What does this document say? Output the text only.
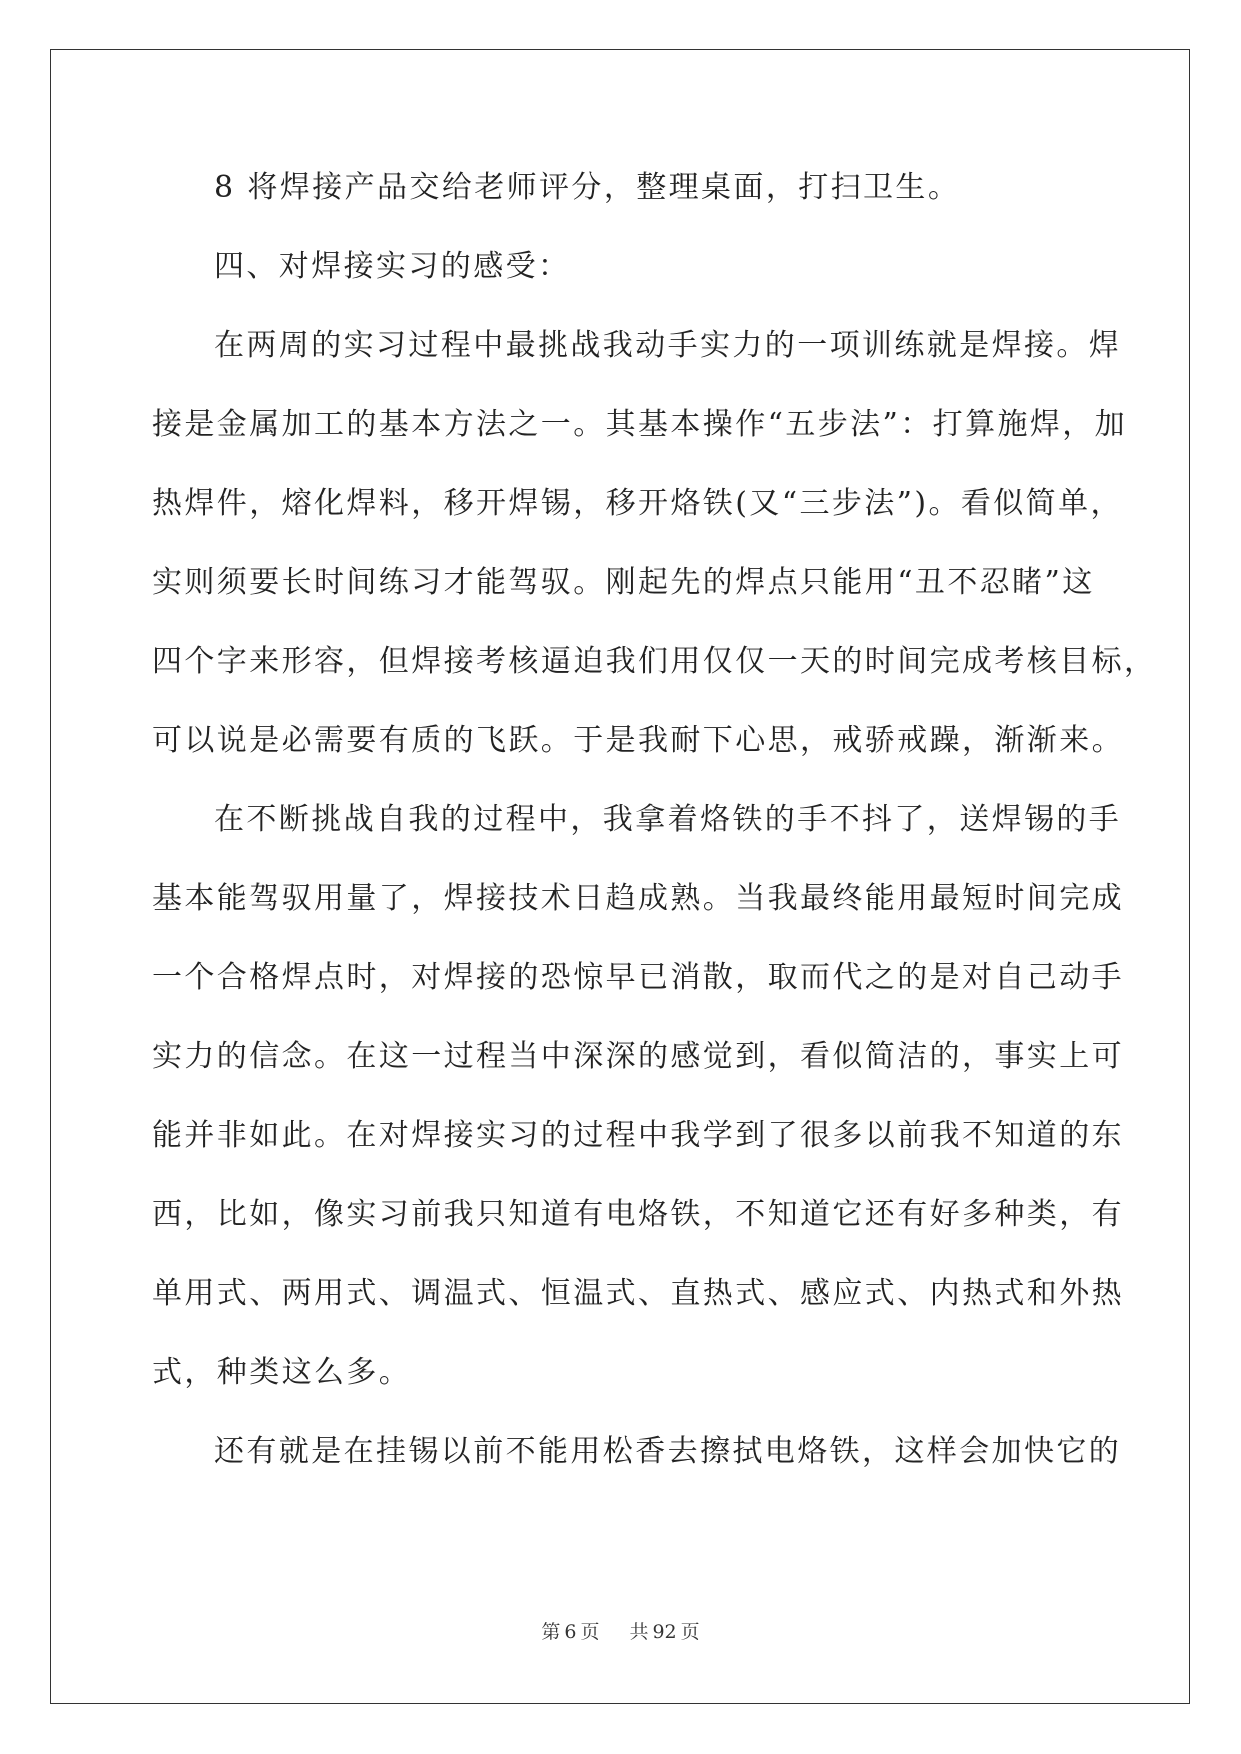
8 将焊接产品交给老师评分，整理桌面，打扫卫生。
四、对焊接实习的感受：
在两周的实习过程中最挑战我动手实力的一项训练就是焊接。焊
接是金属加工的基本方法之一。其基本操作“五步法”：打算施焊，加
热焊件，熔化焊料，移开焊锡，移开烙铁(又“三步法”)。看似简单，
实则须要长时间练习才能驾驭。刚起先的焊点只能用“丑不忍睹”这
四个字来形容，但焊接考核逼迫我们用仅仅一天的时间完成考核目标，
可以说是必需要有质的飞跃。于是我耐下心思，戒骄戒躁，渐渐来。
在不断挑战自我的过程中，我拿着烙铁的手不抖了，送焊锡的手
基本能驾驭用量了，焊接技术日趋成熟。当我最终能用最短时间完成
一个合格焊点时，对焊接的恐惊早已消散，取而代之的是对自己动手
实力的信念。在这一过程当中深深的感觉到，看似简洁的，事实上可
能并非如此。在对焊接实习的过程中我学到了很多以前我不知道的东
西，比如，像实习前我只知道有电烙铁，不知道它还有好多种类，有
单用式、两用式、调温式、恒温式、直热式、感应式、内热式和外热
式，种类这么多。
还有就是在挂锡以前不能用松香去擦拭电烙铁，这样会加快它的
第 6 页 共 92 页
